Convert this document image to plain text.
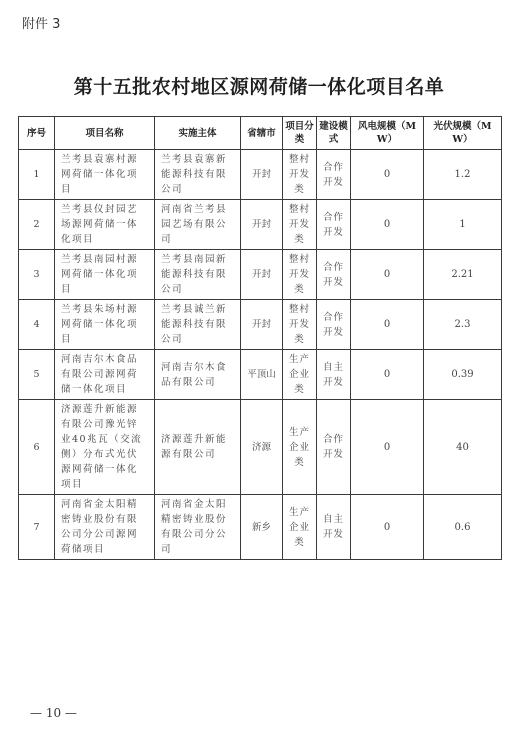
附件 3
第十五批农村地区源网荷储一体化项目名单
序号	项目名称	实施主体	省辖市	项目分类	建设模式	风电规模（MW）	光伏规模（MW）
1	兰考县袁寨村源网荷储一体化项目	兰考县袁寨新能源科技有限公司	开封	整村开发类	合作开发	0	1.2
2	兰考县仪封园艺场源网荷储一体化项目	河南省兰考县园艺场有限公司	开封	整村开发类	合作开发	0	1
3	兰考县南园村源网荷储一体化项目	兰考县南园新能源科技有限公司	开封	整村开发类	合作开发	0	2.21
4	兰考县朱场村源网荷储一体化项目	兰考县诚兰新能源科技有限公司	开封	整村开发类	合作开发	0	2.3
5	河南吉尔木食品有限公司源网荷储一体化项目	河南吉尔木食品有限公司	平顶山	生产企业类	自主开发	0	0.39
6	济源莲升新能源有限公司豫光锌业40兆瓦（交流侧）分布式光伏源网荷储一体化项目	济源莲升新能源有限公司	济源	生产企业类	合作开发	0	40
7	河南省金太阳精密铸业股份有限公司分公司源网荷储项目	河南省金太阳精密铸业股份有限公司分公司	新乡	生产企业类	自主开发	0	0.6
— 10 —
